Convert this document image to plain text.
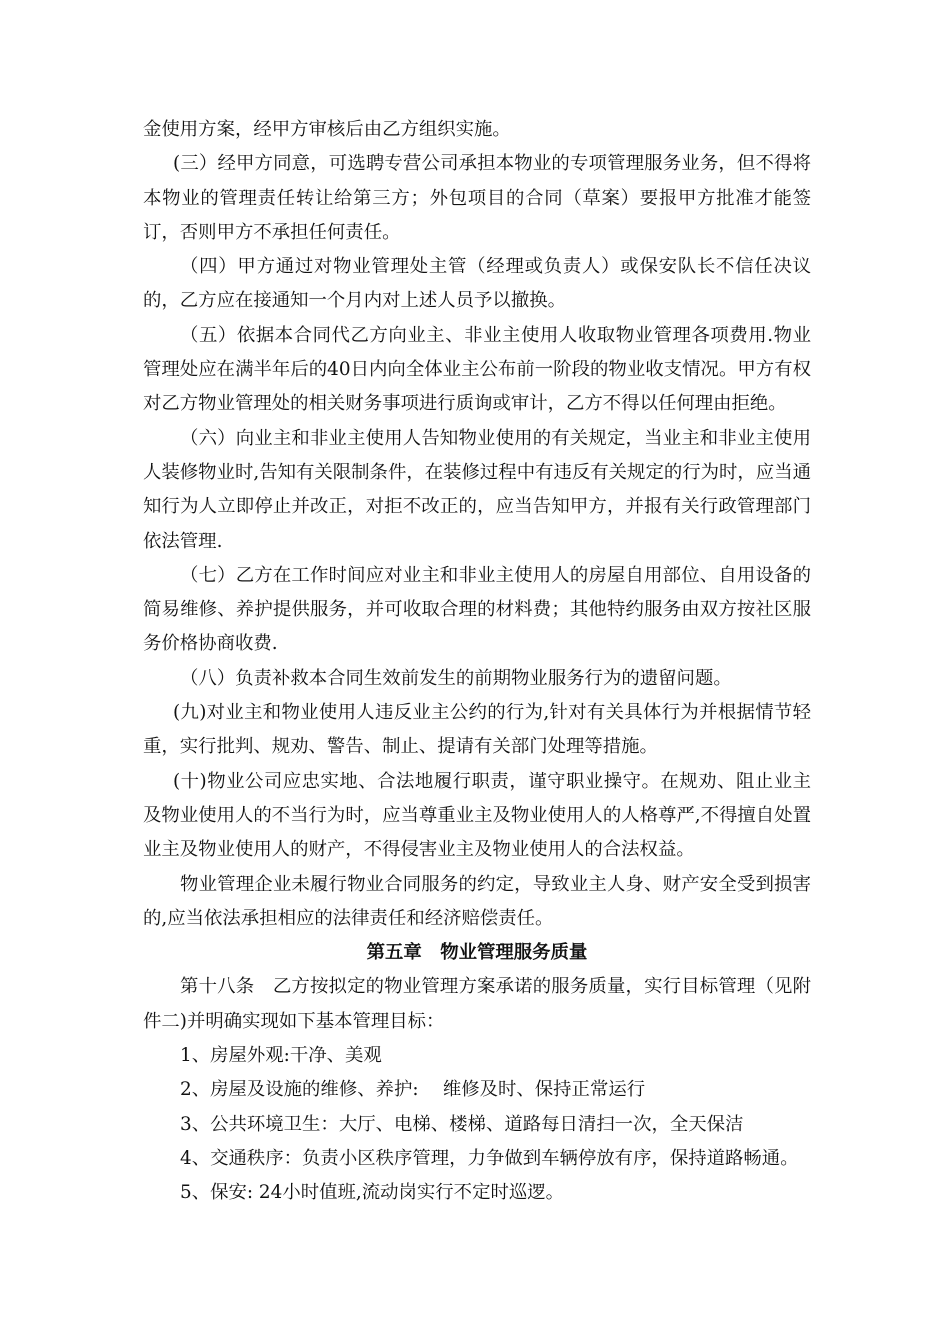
金使用方案，经甲方审核后由乙方组织实施。

(三）经甲方同意，可选聘专营公司承担本物业的专项管理服务业务，但不得将本物业的管理责任转让给第三方；外包项目的合同（草案）要报甲方批准才能签订，否则甲方不承担任何责任。

（四）甲方通过对物业管理处主管（经理或负责人）或保安队长不信任决议的，乙方应在接通知一个月内对上述人员予以撤换。

（五）依据本合同代乙方向业主、非业主使用人收取物业管理各项费用.物业管理处应在满半年后的40日内向全体业主公布前一阶段的物业收支情况。甲方有权对乙方物业管理处的相关财务事项进行质询或审计，乙方不得以任何理由拒绝。

（六）向业主和非业主使用人告知物业使用的有关规定，当业主和非业主使用人装修物业时,告知有关限制条件，在装修过程中有违反有关规定的行为时，应当通知行为人立即停止并改正，对拒不改正的，应当告知甲方，并报有关行政管理部门依法管理.

（七）乙方在工作时间应对业主和非业主使用人的房屋自用部位、自用设备的简易维修、养护提供服务，并可收取合理的材料费；其他特约服务由双方按社区服务价格协商收费.

（八）负责补救本合同生效前发生的前期物业服务行为的遗留问题。

(九)对业主和物业使用人违反业主公约的行为,针对有关具体行为并根据情节轻重，实行批判、规劝、警告、制止、提请有关部门处理等措施。

(十)物业公司应忠实地、合法地履行职责，谨守职业操守。在规劝、阻止业主及物业使用人的不当行为时，应当尊重业主及物业使用人的人格尊严,不得擅自处置业主及物业使用人的财产，不得侵害业主及物业使用人的合法权益。

物业管理企业未履行物业合同服务的约定，导致业主人身、财产安全受到损害的,应当依法承担相应的法律责任和经济赔偿责任。

第五章　物业管理服务质量

第十八条　乙方按拟定的物业管理方案承诺的服务质量，实行目标管理（见附件二)并明确实现如下基本管理目标：

1、房屋外观:干净、美观

2、房屋及设施的维修、养护:　 维修及时、保持正常运行

3、公共环境卫生：大厅、电梯、楼梯、道路每日清扫一次，全天保洁

4、交通秩序：负责小区秩序管理，力争做到车辆停放有序，保持道路畅通。

5、保安: 24小时值班,流动岗实行不定时巡逻。
